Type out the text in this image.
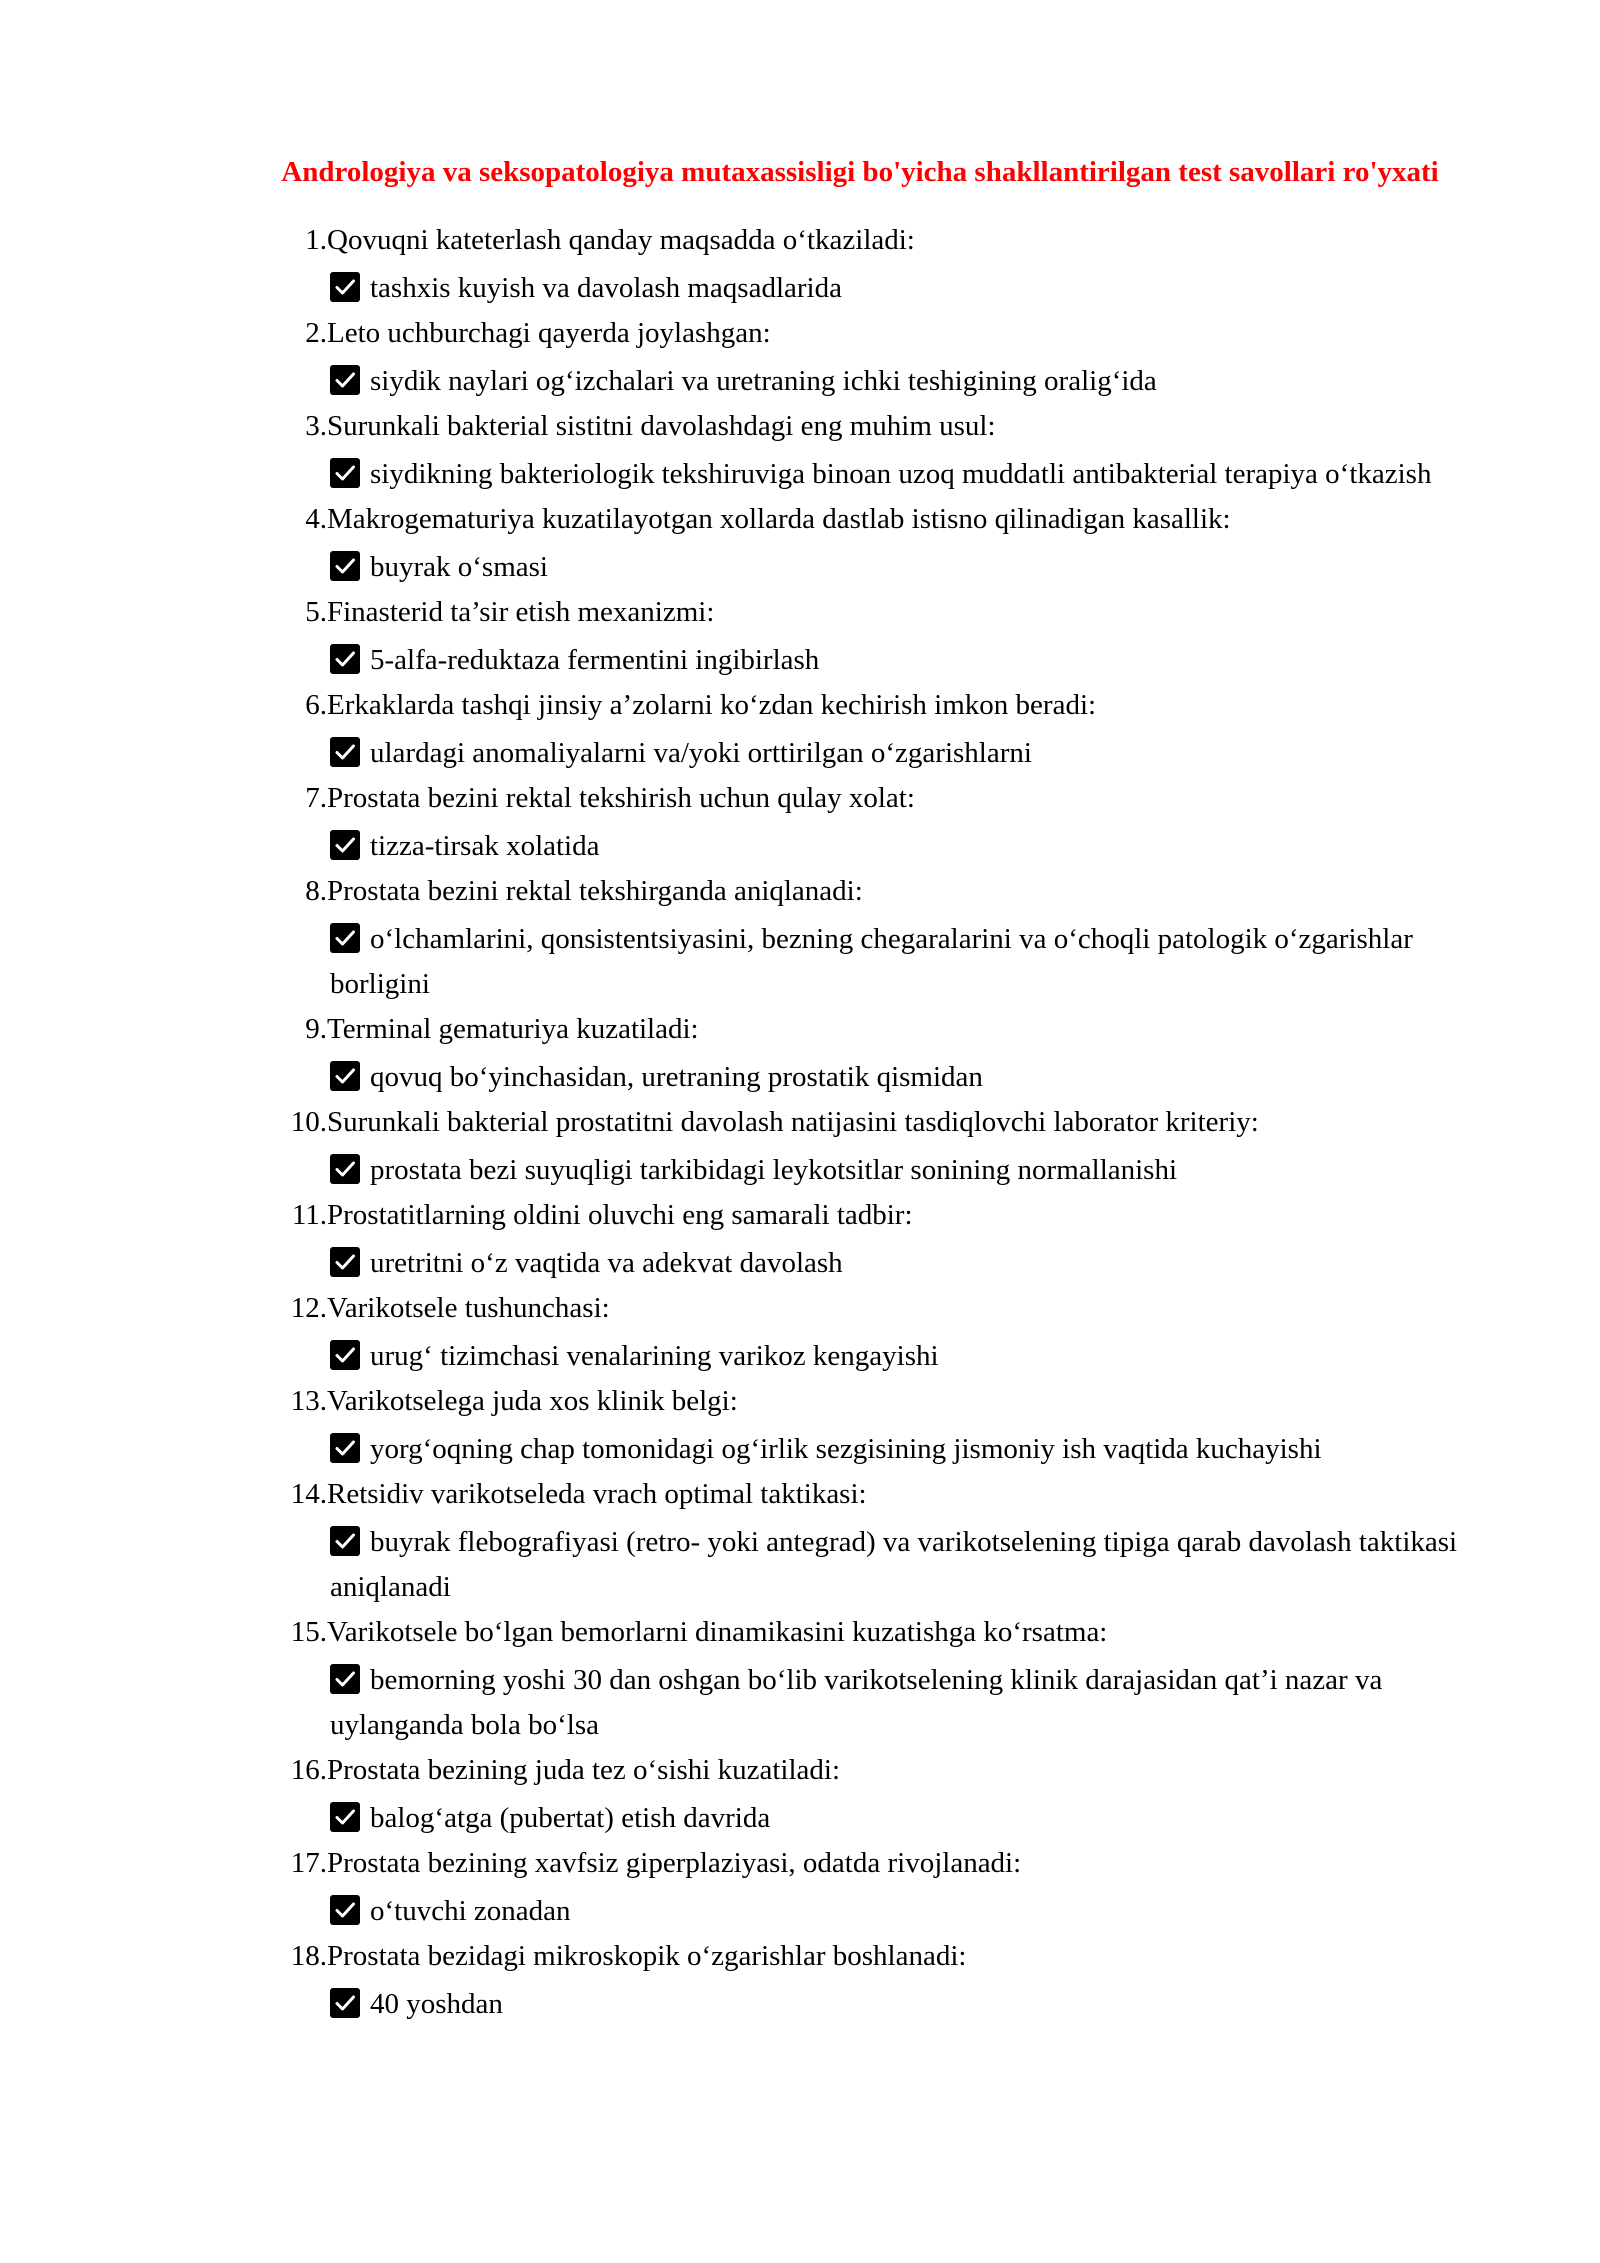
Andrologiya va seksopatologiya mutaxassisligi bo'yicha shakllantirilgan test savollari ro'yxati
1. Qovuqni kateterlash qanday maqsadda o‘tkaziladi:
tashxis kuyish va davolash maqsadlarida
2. Leto uchburchagi qayerda joylashgan:
siydik naylari og‘izchalari va uretraning ichki teshigining oralig‘ida
3. Surunkali bakterial sistitni davolashdagi eng muhim usul:
siydikning bakteriologik tekshiruviga binoan uzoq muddatli antibakterial terapiya o‘tkazish
4. Makrogematuriya kuzatilayotgan xollarda dastlab istisno qilinadigan kasallik:
buyrak o‘smasi
5. Finasterid ta’sir etish mexanizmi:
5-alfa-reduktaza fermentini ingibirlash
6. Erkaklarda tashqi jinsiy a’zolarni ko‘zdan kechirish imkon beradi:
ulardagi anomaliyalarni va/yoki orttirilgan o‘zgarishlarni
7. Prostata bezini rektal tekshirish uchun qulay xolat:
tizza-tirsak xolatida
8. Prostata bezini rektal tekshirganda aniqlanadi:
o‘lchamlarini, qonsistentsiyasini, bezning chegaralarini va o‘choqli patologik o‘zgarishlar borligini
9. Terminal gematuriya kuzatiladi:
qovuq bo‘yinchasidan, uretraning prostatik qismidan
10. Surunkali bakterial prostatitni davolash natijasini tasdiqlovchi laborator kriteriy:
prostata bezi suyuqligi tarkibidagi leykotsitlar sonining normallanishi
11. Prostatitlarning oldini oluvchi eng samarali tadbir:
uretritni o‘z vaqtida va adekvat davolash
12. Varikotsele tushunchasi:
urug‘ tizimchasi venalarining varikoz kengayishi
13. Varikotselega juda xos klinik belgi:
yorg‘oqning chap tomonidagi og‘irlik sezgisining jismoniy ish vaqtida kuchayishi
14. Retsidiv varikotseleda vrach optimal taktikasi:
buyrak flebografiyasi (retro- yoki antegrad) va varikotselening tipiga qarab davolash taktikasi aniqlanadi
15. Varikotsele bo‘lgan bemorlarni dinamikasini kuzatishga ko‘rsatma:
bemorning yoshi 30 dan oshgan bo‘lib varikotselening klinik darajasidan qat’i nazar va uylanganda bola bo‘lsa
16. Prostata bezining juda tez o‘sishi kuzatiladi:
balog‘atga (pubertat) etish davrida
17. Prostata bezining xavfsiz giperplaziyasi, odatda rivojlanadi:
o‘tuvchi zonadan
18. Prostata bezidagi mikroskopik o‘zgarishlar boshlanadi:
40 yoshdan
